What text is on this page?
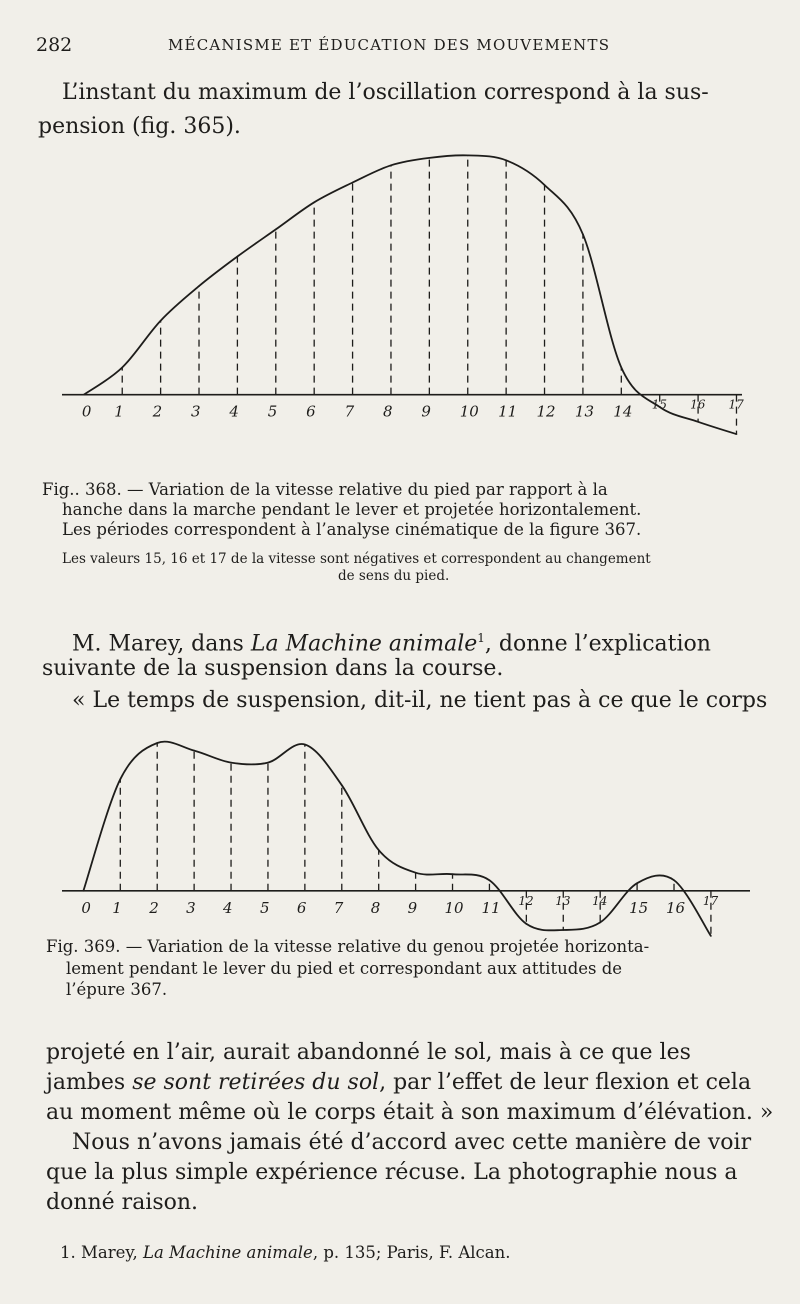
282	MÉCANISME ET ÉDUCATION DES MOUVEMENTS
L’instant du maximum de l’oscillation correspond à la sus-
pension (fig. 365).
0 1 2 3 4 5 6 7 8 9 10 11 12 13 14 15 16 17
Fig.. 368. — Variation de la vitesse relative du pied par rapport à la
hanche dans la marche pendant le lever et projetée horizontalement.
Les périodes correspondent à l’analyse cinématique de la figure 367.
Les valeurs 15, 16 et 17 de la vitesse sont négatives et correspondent au changement
de sens du pied.
M. Marey, dans La Machine animale$^1$, donne l’explication
suivante de la suspension dans la course.
« Le temps de suspension, dit-il, ne tient pas à ce que le corps
0 1 2 3 4 5 6 7 8 9 10 11 12 13 14 15 16 17
Fig. 369. — Variation de la vitesse relative du genou projetée horizonta-
lement pendant le lever du pied et correspondant aux attitudes de
l’épure 367.
projeté en l’air, aurait abandonné le sol, mais à ce que les
jambes se sont retirées du sol, par l’effet de leur flexion et cela
au moment même où le corps était à son maximum d’élévation. »
Nous n’avons jamais été d’accord avec cette manière de voir
que la plus simple expérience récuse. La photographie nous a
donné raison.
1. Marey, La Machine animale, p. 135; Paris, F. Alcan.
